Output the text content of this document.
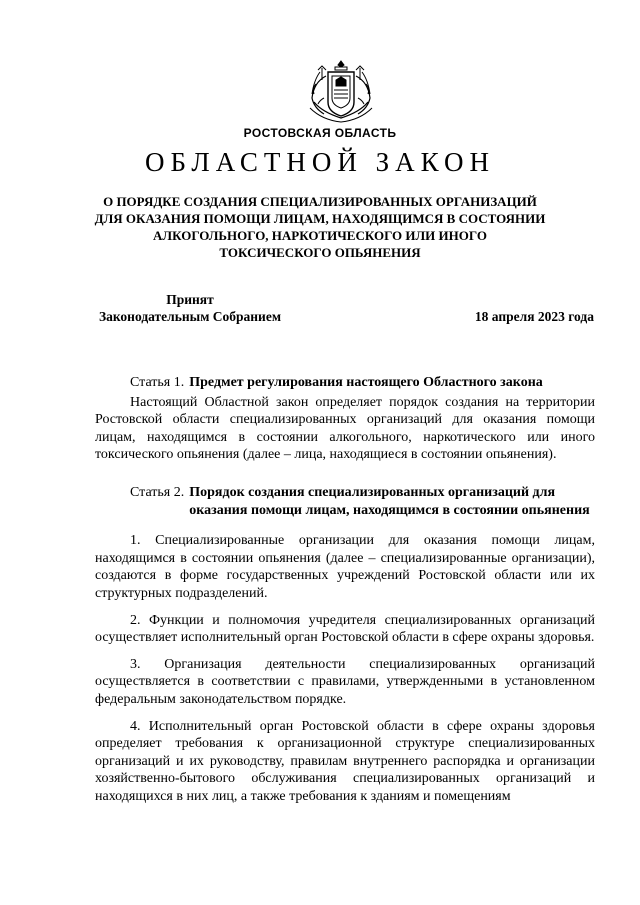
РОСТОВСКАЯ ОБЛАСТЬ
ОБЛАСТНОЙ ЗАКОН
О ПОРЯДКЕ СОЗДАНИЯ СПЕЦИАЛИЗИРОВАННЫХ ОРГАНИЗАЦИЙ
ДЛЯ ОКАЗАНИЯ ПОМОЩИ ЛИЦАМ, НАХОДЯЩИМСЯ В СОСТОЯНИИ
АЛКОГОЛЬНОГО, НАРКОТИЧЕСКОГО ИЛИ ИНОГО
ТОКСИЧЕСКОГО ОПЬЯНЕНИЯ
Принят
Законодательным Собранием	18 апреля 2023 года
Статья 1. Предмет регулирования настоящего Областного закона

Настоящий Областной закон определяет порядок создания на территории Ростовской области специализированных организаций для оказания помощи лицам, находящимся в состоянии алкогольного, наркотического или иного токсического опьянения (далее – лица, находящиеся в состоянии опьянения).

Статья 2. Порядок создания специализированных организаций для оказания помощи лицам, находящимся в состоянии опьянения

1. Специализированные организации для оказания помощи лицам, находящимся в состоянии опьянения (далее – специализированные организации), создаются в форме государственных учреждений Ростовской области или их структурных подразделений.

2. Функции и полномочия учредителя специализированных организаций осуществляет исполнительный орган Ростовской области в сфере охраны здоровья.

3. Организация деятельности специализированных организаций осуществляется в соответствии с правилами, утвержденными в установленном федеральным законодательством порядке.

4. Исполнительный орган Ростовской области в сфере охраны здоровья определяет требования к организационной структуре специализированных организаций и их руководству, правилам внутреннего распорядка и организации хозяйственно-бытового обслуживания специализированных организаций и находящихся в них лиц, а также требования к зданиям и помещениям
